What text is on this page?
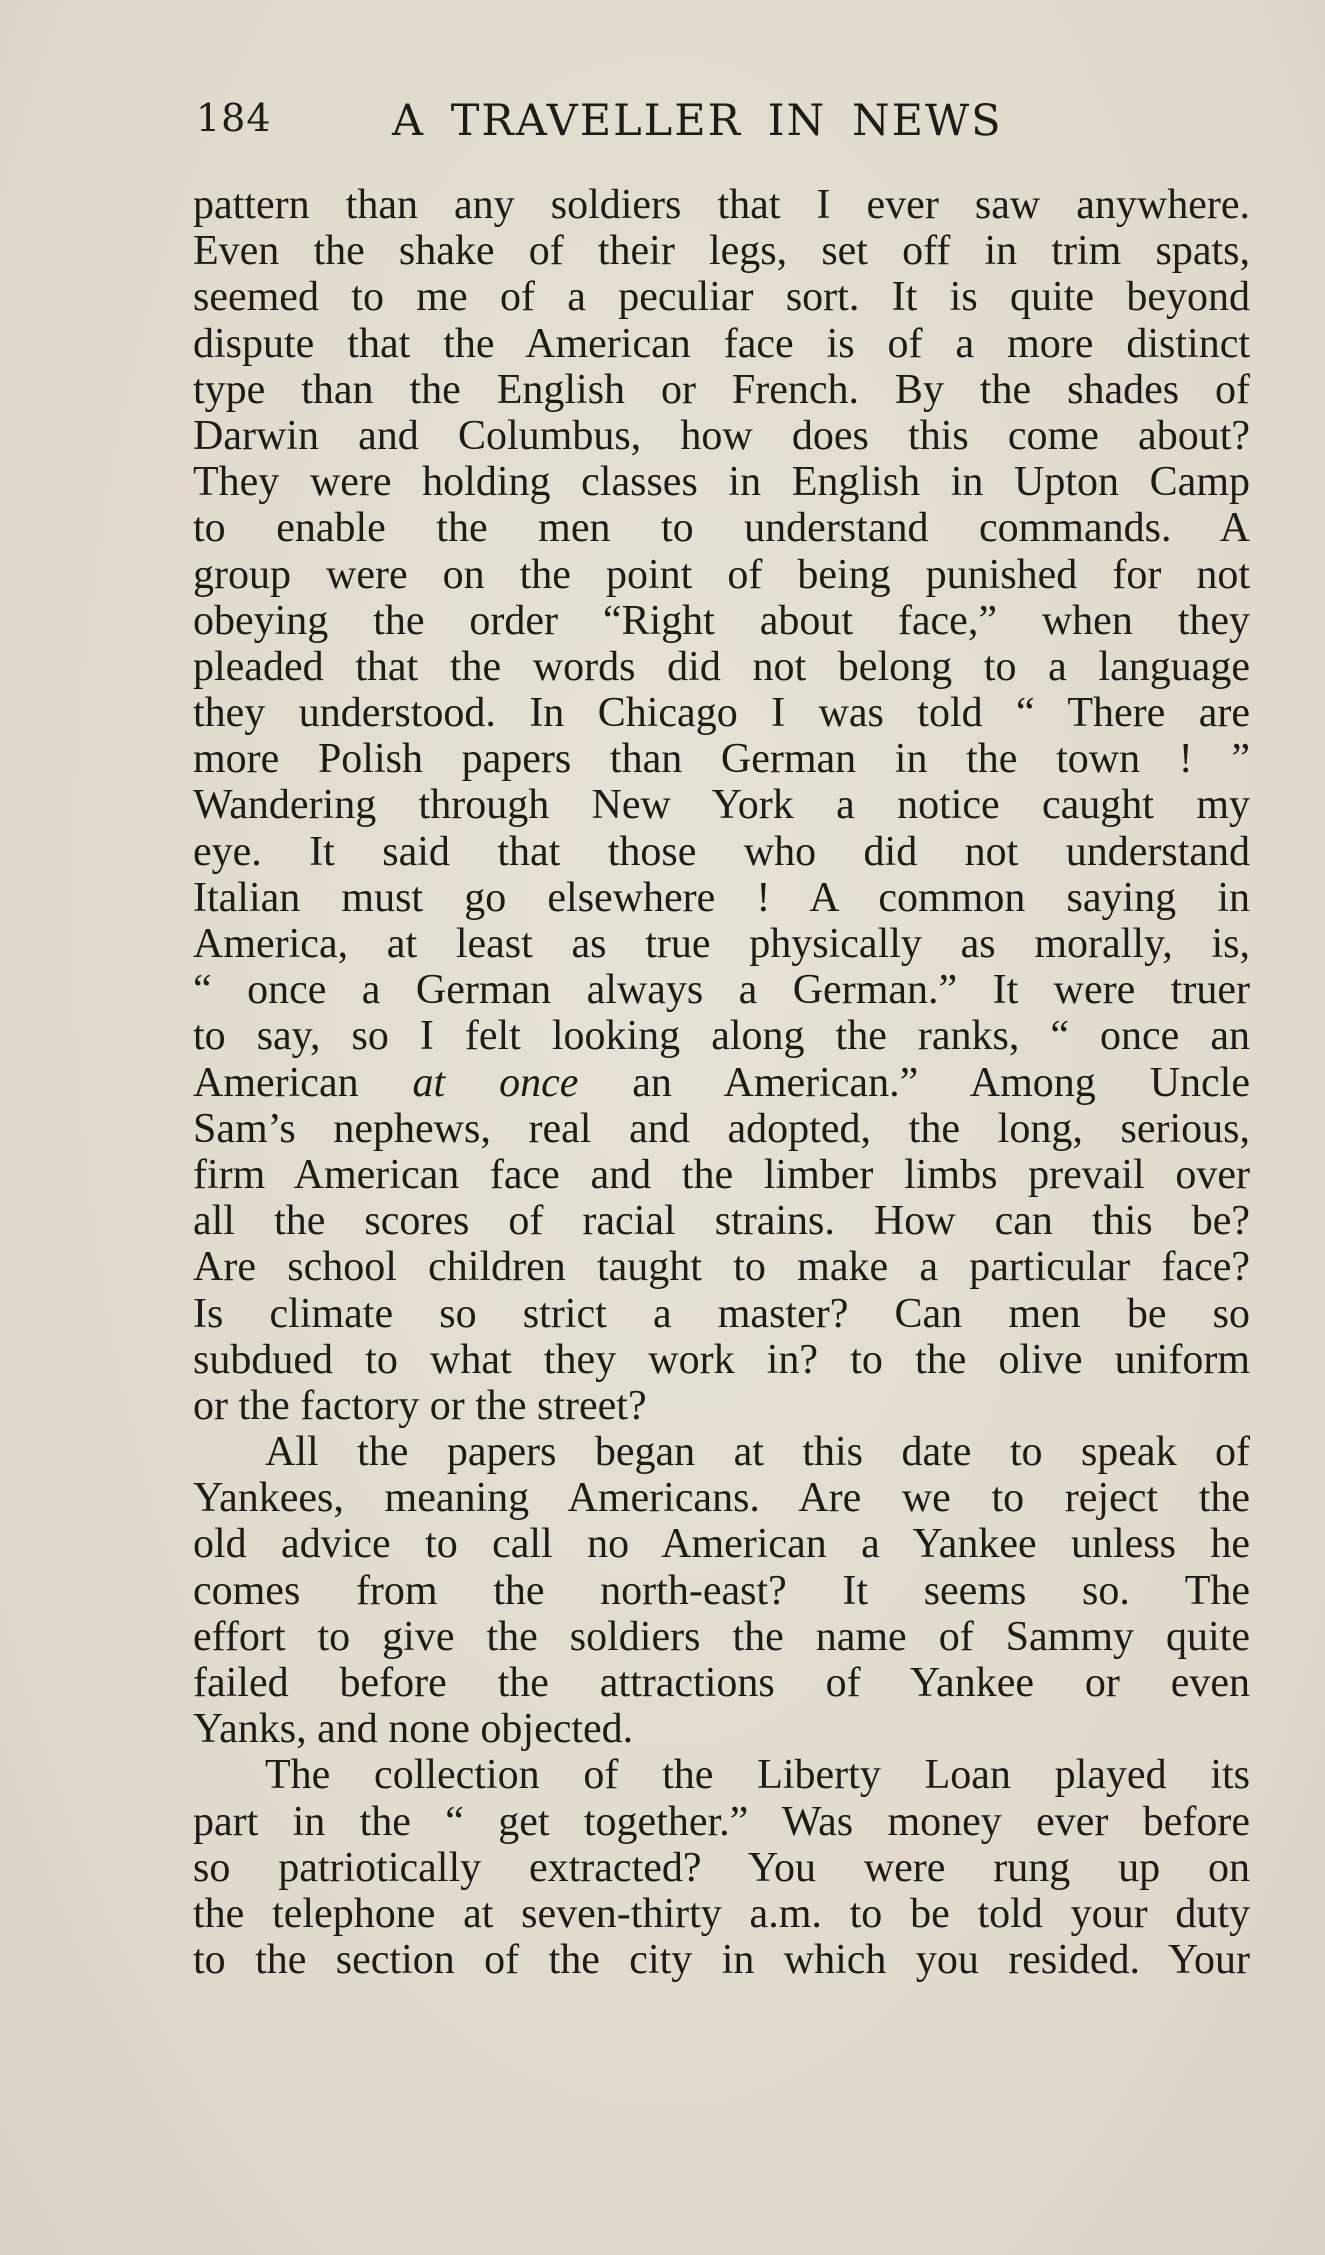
184	A TRAVELLER IN NEWS
pattern than any soldiers that I ever saw anywhere.
Even the shake of their legs, set off in trim spats,
seemed to me of a peculiar sort. It is quite beyond
dispute that the American face is of a more distinct
type than the English or French. By the shades of
Darwin and Columbus, how does this come about?
They were holding classes in English in Upton Camp
to enable the men to understand commands. A
group were on the point of being punished for not
obeying the order “Right about face,” when they
pleaded that the words did not belong to a language
they understood. In Chicago I was told “ There are
more Polish papers than German in the town ! ”
Wandering through New York a notice caught my
eye. It said that those who did not understand
Italian must go elsewhere ! A common saying in
America, at least as true physically as morally, is,
“ once a German always a German.” It were truer
to say, so I felt looking along the ranks, “ once an
American at once an American.” Among Uncle
Sam’s nephews, real and adopted, the long, serious,
firm American face and the limber limbs prevail over
all the scores of racial strains. How can this be?
Are school children taught to make a particular face?
Is climate so strict a master? Can men be so
subdued to what they work in? to the olive uniform
or the factory or the street?
All the papers began at this date to speak of
Yankees, meaning Americans. Are we to reject the
old advice to call no American a Yankee unless he
comes from the north-east? It seems so. The
effort to give the soldiers the name of Sammy quite
failed before the attractions of Yankee or even
Yanks, and none objected.
The collection of the Liberty Loan played its
part in the “ get together.” Was money ever before
so patriotically extracted? You were rung up on
the telephone at seven-thirty a.m. to be told your duty
to the section of the city in which you resided. Your
